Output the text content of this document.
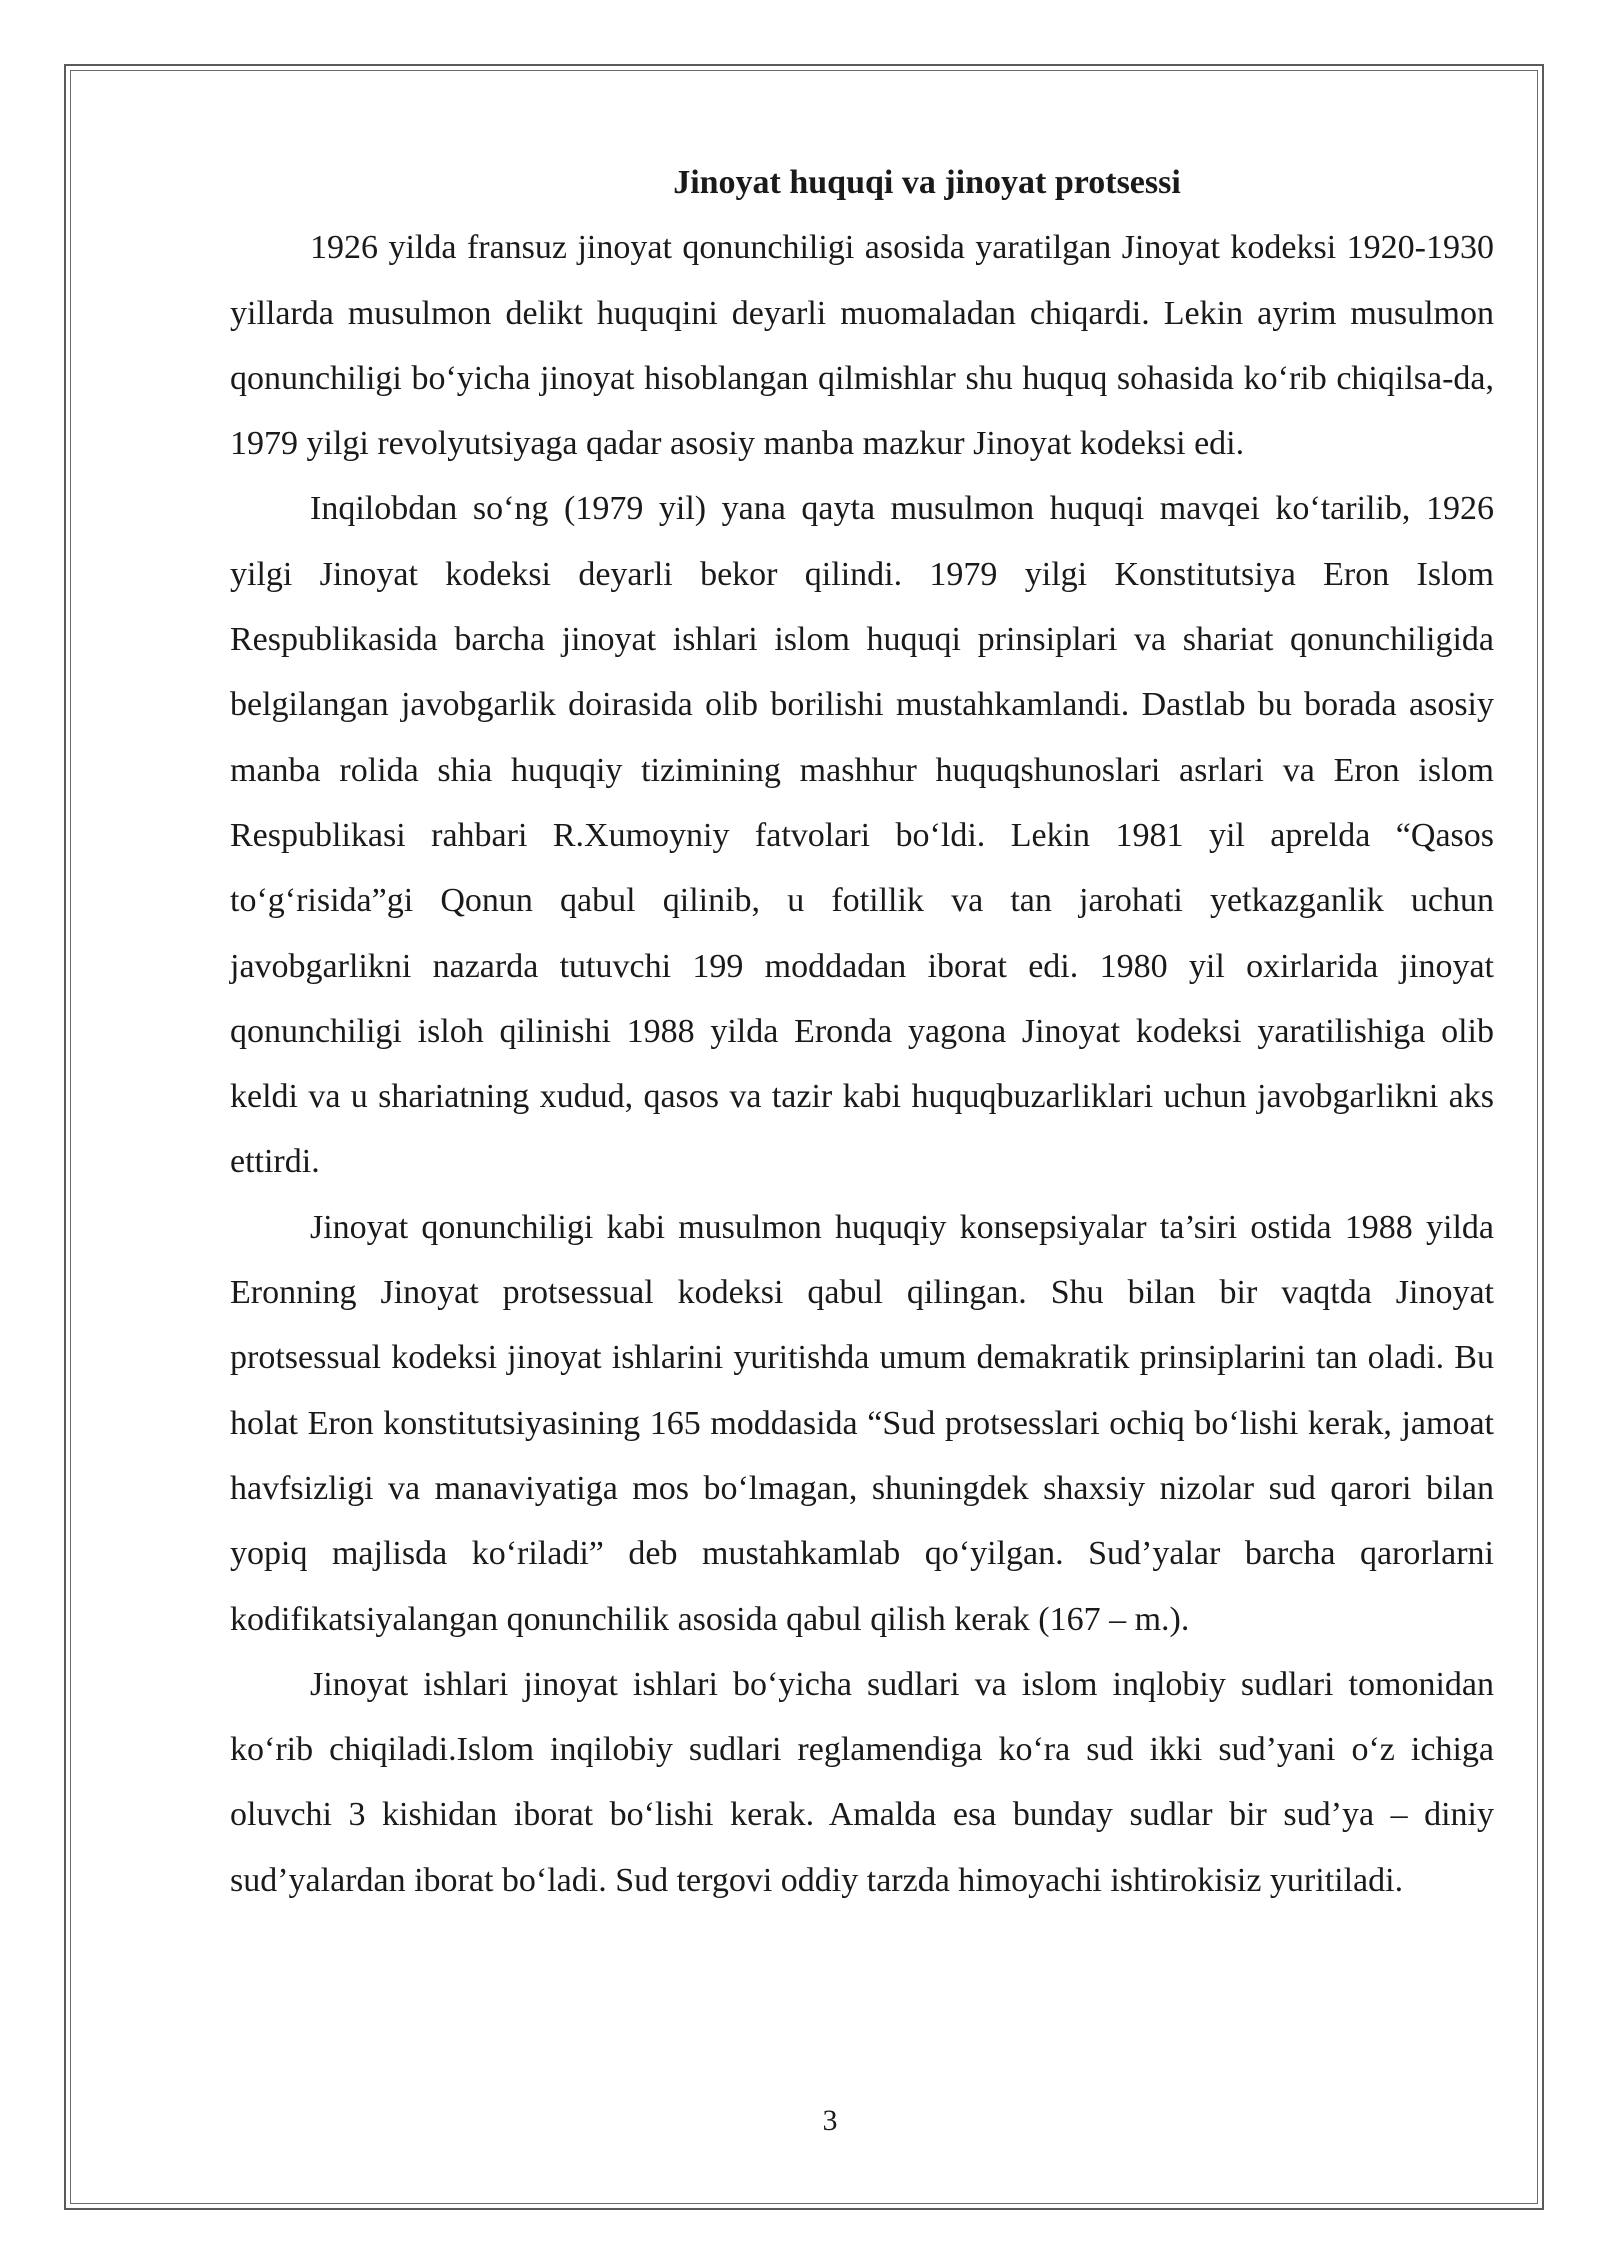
Jinoyat huquqi va jinoyat protsessi

1926 yilda fransuz jinoyat qonunchiligi asosida yaratilgan Jinoyat kodeksi 1920-1930 yillarda musulmon delikt huquqini deyarli muomaladan chiqardi. Lekin ayrim musulmon qonunchiligi bo‘yicha jinoyat hisoblangan qilmishlar shu huquq sohasida ko‘rib chiqilsa-da, 1979 yilgi revolyutsiyaga qadar asosiy manba mazkur Jinoyat kodeksi edi.

Inqilobdan so‘ng (1979 yil) yana qayta musulmon huquqi mavqei ko‘tarilib, 1926 yilgi Jinoyat kodeksi deyarli bekor qilindi. 1979 yilgi Konstitutsiya Eron Islom Respublikasida barcha jinoyat ishlari islom huquqi prinsiplari va shariat qonunchiligida belgilangan javobgarlik doirasida olib borilishi mustahkamlandi. Dastlab bu borada asosiy manba rolida shia huquqiy tizimining mashhur huquqshunoslari asrlari va Eron islom Respublikasi rahbari R.Xumoyniy fatvolari bo‘ldi. Lekin 1981 yil aprelda “Qasos to‘g‘risida”gi Qonun qabul qilinib, u fotillik va tan jarohati yetkazganlik uchun javobgarlikni nazarda tutuvchi 199 moddadan iborat edi. 1980 yil oxirlarida jinoyat qonunchiligi isloh qilinishi 1988 yilda Eronda yagona Jinoyat kodeksi yaratilishiga olib keldi va u shariatning xudud, qasos va tazir kabi huquqbuzarliklari uchun javobgarlikni aks ettirdi.

Jinoyat qonunchiligi kabi musulmon huquqiy konsepsiyalar ta’siri ostida 1988 yilda Eronning Jinoyat protsessual kodeksi qabul qilingan. Shu bilan bir vaqtda Jinoyat protsessual kodeksi jinoyat ishlarini yuritishda umum demakratik prinsiplarini tan oladi. Bu holat Eron konstitutsiyasining 165 moddasida “Sud protsesslari ochiq bo‘lishi kerak, jamoat havfsizligi va manaviyatiga mos bo‘lmagan, shuningdek shaxsiy nizolar sud qarori bilan yopiq majlisda ko‘riladi” deb mustahkamlab qo‘yilgan. Sud’yalar barcha qarorlarni kodifikatsiyalangan qonunchilik asosida qabul qilish kerak (167 – m.).

Jinoyat ishlari jinoyat ishlari bo‘yicha sudlari va islom inqlobiy sudlari tomonidan ko‘rib chiqiladi.Islom inqilobiy sudlari reglamendiga ko‘ra sud ikki sud’yani o‘z ichiga oluvchi 3 kishidan iborat bo‘lishi kerak. Amalda esa bunday sudlar bir sud’ya – diniy sud’yalardan iborat bo‘ladi. Sud tergovi oddiy tarzda himoyachi ishtirokisiz yuritiladi.

3
